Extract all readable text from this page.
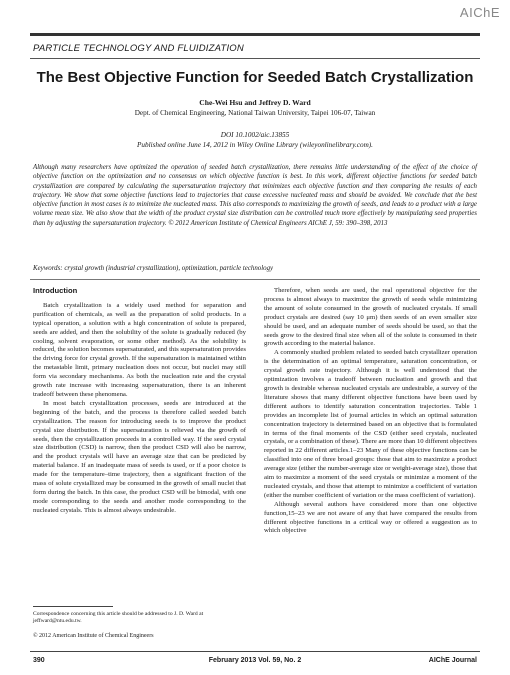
AIChE
PARTICLE TECHNOLOGY AND FLUIDIZATION
The Best Objective Function for Seeded Batch Crystallization
Che-Wei Hsu and Jeffrey D. Ward
Dept. of Chemical Engineering, National Taiwan University, Taipei 106-07, Taiwan
DOI 10.1002/aic.13855
Published online June 14, 2012 in Wiley Online Library (wileyonlinelibrary.com).

Although many researchers have optimized the operation of seeded batch crystallization, there remains little understanding of the effect of the choice of objective function on the optimization and no consensus on which objective function is best. In this work, different objective functions for seeded batch crystallization are compared by calculating the supersaturation trajectory that minimizes each objective function and then comparing the results of each trajectory. We show that some objective functions lead to trajectories that cause excessive nucleated mass and should be avoided. We conclude that the best objective function in most cases is to minimize the nucleated mass. This also corresponds to maximizing the growth of seeds, and leads to a product with a large volume mean size. We also show that the width of the product crystal size distribution can be controlled much more effectively by manipulating seed properties than by adjusting the supersaturation trajectory. © 2012 American Institute of Chemical Engineers AIChE J, 59: 390–398, 2013

Keywords: crystal growth (industrial crystallization), optimization, particle technology
Introduction

Batch crystallization is a widely used method for separation and purification of chemicals, as well as the preparation of solid products. In a typical operation, a solution with a high concentration of solute is prepared, seeds are added, and then the solubility of the solute is gradually reduced (by cooling, solvent evaporation, or some other method). As the solubility is reduced, the solution becomes supersaturated, and this supersaturation provides the driving force for crystal growth. If the supersaturation is maintained within the metastable limit, primary nucleation does not occur, but nuclei may still form via secondary mechanisms. As both the nucleation rate and the crystal growth rate increase with increasing supersaturation, there is an inherent tradeoff between these phenomena.

In most batch crystallization processes, seeds are introduced at the beginning of the batch, and the process is therefore called seeded batch crystallization. The reason for introducing seeds is to improve the product crystal size distribution. If the supersaturation is relieved via the growth of seeds, then the crystallization proceeds in a controlled way. If the seed crystal size distribution (CSD) is narrow, then the product CSD will also be narrow, and the product crystals will have an average size that can be predicted by material balance. If an inadequate mass of seeds is used, or if a poor choice is made for the temperature–time trajectory, then a significant fraction of the mass of solute crystallized may be consumed in the growth of small nuclei that form during the batch. In this case, the product CSD will be bimodal, with one mode corresponding to the seeds and another mode corresponding to the nucleated crystals. This is almost always undesirable.

Therefore, when seeds are used, the real operational objective for the process is almost always to maximize the growth of seeds while minimizing the amount of solute consumed in the growth of nucleated crystals. If small product crystals are desired (say 10 μm) then seeds of an even smaller size should be used, and an adequate number of seeds should be used, so that the seeds grow to the desired final size when all of the solute is consumed in their growth according to the material balance.

A commonly studied problem related to seeded batch crystallizer operation is the determination of an optimal temperature, saturation concentration, or crystal growth rate trajectory. Although it is well understood that the optimization involves a tradeoff between nucleation and growth and that growth is desirable whereas nucleated crystals are undesirable, a survey of the literature shows that many different objective functions have been used by different authors to identify saturation concentration trajectories. Table 1 provides an incomplete list of journal articles in which an optimal saturation concentration trajectory is determined based on an objective that is formulated in terms of the final moments of the CSD (either seed crystals, nucleated crystals, or a combination of these). There are more than 10 different objectives reported in 22 different articles.1–23 Many of these objective functions can be classified into one of three broad groups: those that aim to maximize a product average size (either the number-average size or weight-average size), those that aim to maximize a moment of the seed crystals or minimize a moment of the nucleated crystals, and those that attempt to minimize a coefficient of variation (either the number coefficient of variation or the mass coefficient of variation).

Although several authors have considered more than one objective function,15–23 we are not aware of any that have compared the results from different objective functions in a critical way or offered a suggestion as to which objective

Correspondence concerning this article should be addressed to J. D. Ward at jeffward@ntu.edu.tw.
© 2012 American Institute of Chemical Engineers
390	February 2013 Vol. 59, No. 2	AIChE Journal
